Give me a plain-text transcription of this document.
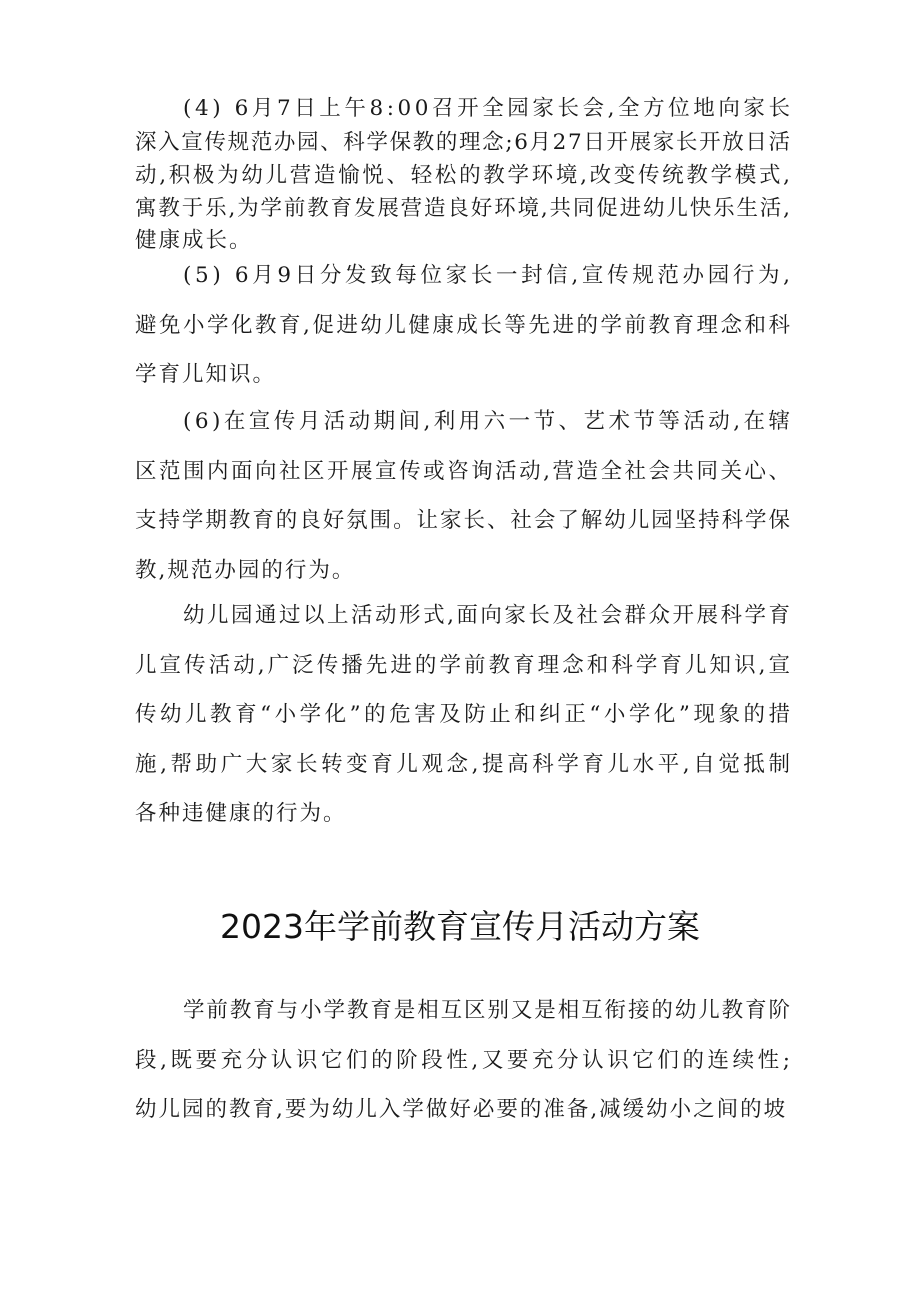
(4) 6月7日上午8:00召开全园家长会,全方位地向家长
深入宣传规范办园、科学保教的理念;6月27日开展家长开放日活
动,积极为幼儿营造愉悦、轻松的教学环境,改变传统教学模式,
寓教于乐,为学前教育发展营造良好环境,共同促进幼儿快乐生活,
健康成长。
(5) 6月9日分发致每位家长一封信,宣传规范办园行为,
避免小学化教育,促进幼儿健康成长等先进的学前教育理念和科
学育儿知识。
(6)在宣传月活动期间,利用六一节、艺术节等活动,在辖
区范围内面向社区开展宣传或咨询活动,营造全社会共同关心、
支持学期教育的良好氛围。让家长、社会了解幼儿园坚持科学保
教,规范办园的行为。
幼儿园通过以上活动形式,面向家长及社会群众开展科学育
儿宣传活动,广泛传播先进的学前教育理念和科学育儿知识,宣
传幼儿教育“小学化”的危害及防止和纠正“小学化”现象的措
施,帮助广大家长转变育儿观念,提高科学育儿水平,自觉抵制
各种违健康的行为。
2023年学前教育宣传月活动方案
学前教育与小学教育是相互区别又是相互衔接的幼儿教育阶
段,既要充分认识它们的阶段性,又要充分认识它们的连续性;
幼儿园的教育,要为幼儿入学做好必要的准备,减缓幼小之间的坡
